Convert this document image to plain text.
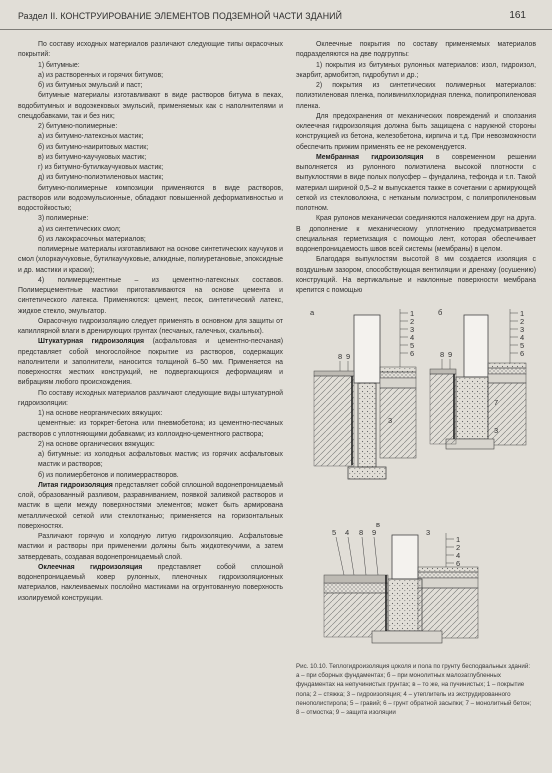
Раздел II. КОНСТРУИРОВАНИЕ ЭЛЕМЕНТОВ ПОДЗЕМНОЙ ЧАСТИ ЗДАНИЙ	161

По составу исходных материалов различают следующие типы окрасочных покрытий:

1) битумные:

а) из растворенных и горячих битумов;

б) из битумных эмульсий и паст;

битумные материалы изготавливают в виде растворов битума в пеках, водобитумных и водоэкековых эмульсий, применяемых как с наполнителями и спецдобавками, так и без них;

2) битумно-полимерные:

а) из битумно-латексных мастик;

б) из битумно-наиритовых мастик;

в) из битумно-каучуковых мастик;

г) из битумно-бутилкаучуковых мастик;

д) из битумно-полиэтиленовых мастик;

битумно-полимерные композиции применяются в виде растворов, растворов или водоэмульсионные, обладают повышенной деформативностью и водостойкостью;

3) полимерные:

а) из синтетических смол;

б) из лакокрасочных материалов;

полимерные материалы изготавливают на основе синтетических каучуков и смол (хлоркаучуковые, бутилкаучуковые, алкидные, полиуретановые, эпоксидные и др. мастики и краски);

4) полимерцементные – из цементно-латексных составов. Полимерцементные мастики приготавливаются на основе цемента и синтетического латекса. Применяются: цемент, песок, синтетический латекс, жидкое стекло, эмульгатор.

Окрасочную гидроизоляцию следует применять в основном для защиты от капиллярной влаги в дренирующих грунтах (песчаных, галечных, скальных).

Штукатурная гидроизоляция (асфальтовая и цементно-песчаная) представляет собой многослойное покрытие из растворов, содержащих наполнители и заполнители, наносится толщиной 6–50 мм. Применяется на поверхностях жестких конструкций, не подвергающихся деформациям и вибрациям любого происхождения.

По составу исходных материалов различают следующие виды штукатурной гидроизоляции:

1) на основе неорганических вяжущих:

цементные: из торкрет-бетона или пневмобетона; из цементно-песчаных растворов с уплотняющими добавками; из коллоидно-цементного раствора;

2) на основе органических вяжущих:

а) битумные: из холодных асфальтовых мастик; из горячих асфальтовых мастик и растворов;

б) из полимербетонов и полимеррастворов.

Литая гидроизоляция представляет собой сплошной водонепроницаемый слой, образованный разливом, разравниванием, появкой заливкой растворов и мастик в щели между поверхностями элементов; может быть армирована металлической сеткой или стеклотканью; применяется на горизонтальных поверхностях.

Различают горячую и холодную литую гидроизоляцию. Асфальтовые мастики и растворы при применении должны быть жидкотекучими, а затем затвердевать, создавая водонепроницаемый слой.

Оклеечная гидроизоляция представляет собой сплошной водонепроницаемый ковер рулонных, пленочных гидроизоляционных материалов, наклеиваемых послойно мастиками на огрунтованную поверхность изолируемой конструкции.

Оклеечные покрытия по составу применяемых материалов подразделяются на две подгруппы:

1) покрытия из битумных рулонных материалов: изол, гидроизол, экарбит, армобитэп, гидробутил и др.;

2) покрытия из синтетических полимерных материалов: полиэтиленовая пленка, поливинилхлоридная пленка, полипропиленовая пленка.

Для предохранения от механических повреждений и сползания оклеечная гидроизоляция должна быть защищена с наружной стороны конструкцией из бетона, железобетона, кирпича и т.д. При невозможности обеспечить прижим применять ее не рекомендуется.

Мембранная гидроизоляция в современном решении выполняется из рулонного полиэтилена высокой плотности с выпуклостями в виде полых полусфер – фундалина, тефонда и т.п. Такой материал шириной 0,5–2 м выпускается также в сочетании с армирующей сеткой из стекловолокна, с нетканым полиэстром, с полипропиленовым полотном.

Края рулонов механически соединяются наложением друг на друга. В дополнение к механическому уплотнению предусматривается специальная герметизация с помощью лент, которая обеспечивает водонепроницаемость швов всей системы (мембраны) в целом.

Благодаря выпуклостям высотой 8 мм создается изоляция с воздушным зазором, способствующая вентиляции и дренажу (осушению) конструкций. На вертикальные и наклонные поверхности мембрана крепится с помощью

а	1
2
3
4
5
6
8 9
3
б	1
2
3
4
5
6
8 9
7
3
в
5 4 8 9
1
2
4
6
3

Рис. 10.10. Теплогидроизоляция цоколя и пола по грунту бесподвальных зданий:

а – при сборных фундаментах; б – при монолитных малозаглубленных фундаментах на непучинистых грунтах; в – то же, на пучинистых; 1 – покрытие пола; 2 – стяжка; 3 – гидроизоляция; 4 – утеплитель из экструдированного пенополистирола; 5 – гравий; 6 – грунт обратной засыпки; 7 – монолитный бетон; 8 – отмостка; 9 – защита изоляции
